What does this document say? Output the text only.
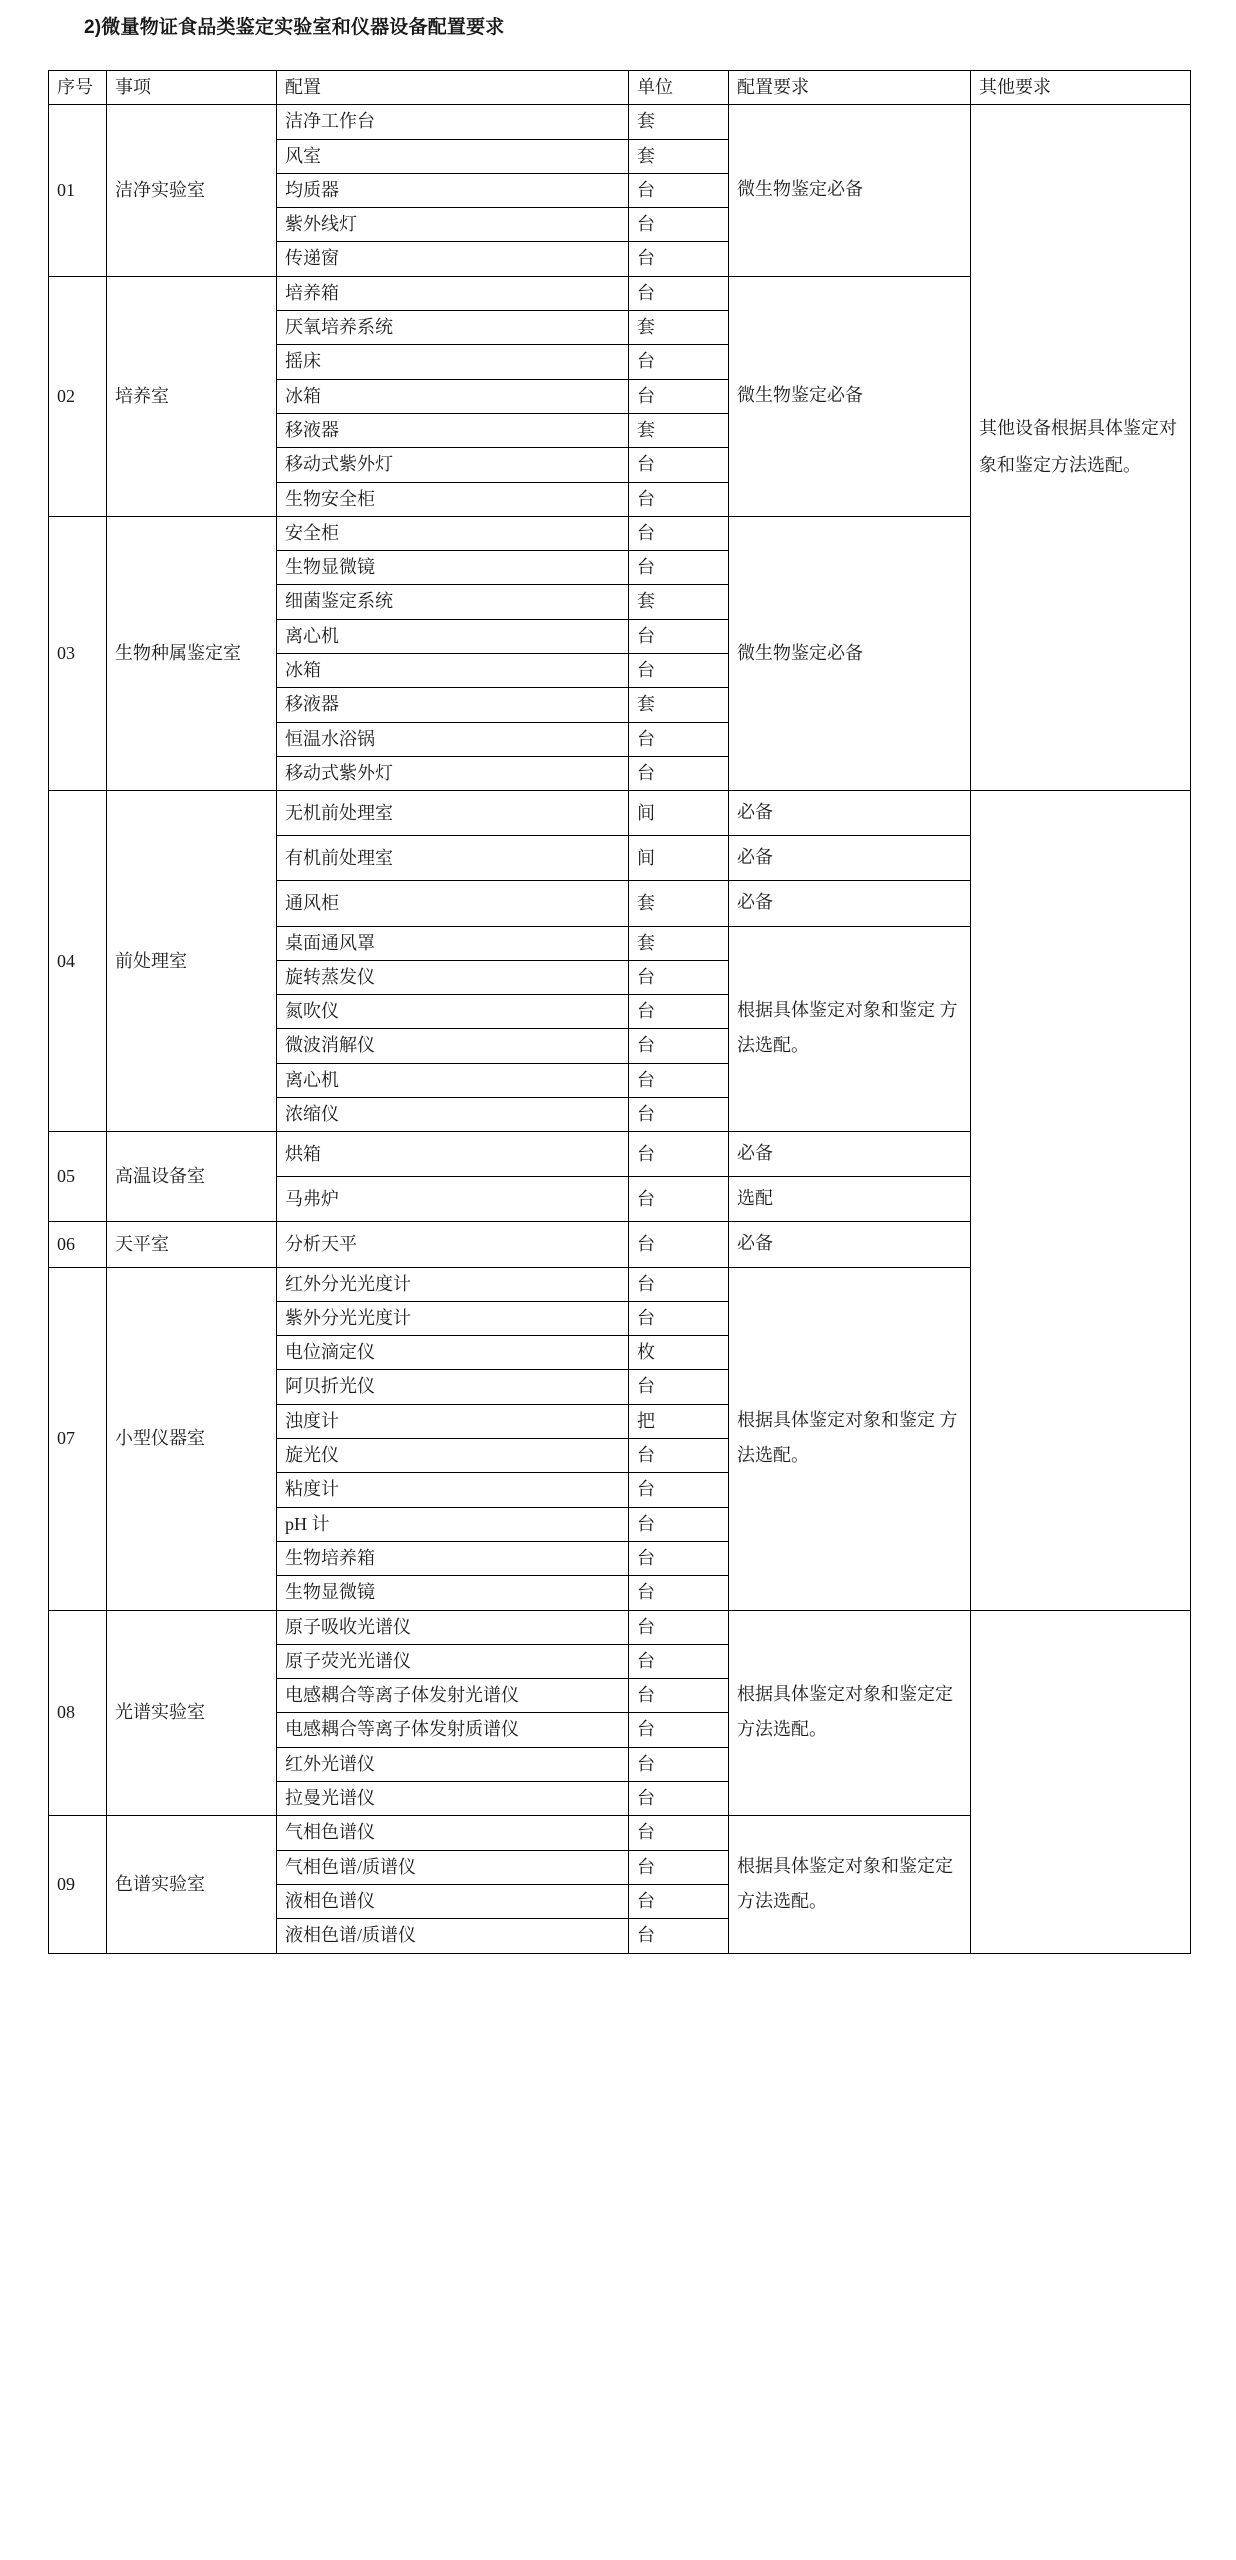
2)微量物证食品类鉴定实验室和仪器设备配置要求
序号	事项	配置	单位	配置要求	其他要求
01	洁净实验室	洁净工作台	套	微生物鉴定必备	其他设备根据具体鉴定对象和鉴定方法选配。
		风室	套		
		均质器	台		
		紫外线灯	台		
		传递窗	台		
02	培养室	培养箱	台	微生物鉴定必备	
		厌氧培养系统	套		
		摇床	台		
		冰箱	台		
		移液器	套		
		移动式紫外灯	台		
		生物安全柜	台		
03	生物种属鉴定室	安全柜	台	微生物鉴定必备	
		生物显微镜	台		
		细菌鉴定系统	套		
		离心机	台		
		冰箱	台		
		移液器	套		
		恒温水浴锅	台		
		移动式紫外灯	台		
04	前处理室	无机前处理室	间	必备	
		有机前处理室	间	必备	
		通风柜	套	必备	
		桌面通风罩	套	根据具体鉴定对象和鉴定 方法选配。	
		旋转蒸发仪	台		
		氮吹仪	台		
		微波消解仪	台		
		离心机	台		
		浓缩仪	台		
05	高温设备室	烘箱	台	必备	
		马弗炉	台	选配	
06	天平室	分析天平	台	必备	
07	小型仪器室	红外分光光度计	台	根据具体鉴定对象和鉴定 方法选配。	
		紫外分光光度计	台		
		电位滴定仪	枚		
		阿贝折光仪	台		
		浊度计	把		
		旋光仪	台		
		粘度计	台		
		pH 计	台		
		生物培养箱	台		
		生物显微镜	台		
08	光谱实验室	原子吸收光谱仪	台	根据具体鉴定对象和鉴定定方法选配。	
		原子荧光光谱仪	台		
		电感耦合等离子体发射光谱仪	台		
		电感耦合等离子体发射质谱仪	台		
		红外光谱仪	台		
		拉曼光谱仪	台		
09	色谱实验室	气相色谱仪	台	根据具体鉴定对象和鉴定定方法选配。	
		气相色谱/质谱仪	台		
		液相色谱仪	台		
		液相色谱/质谱仪	台		
